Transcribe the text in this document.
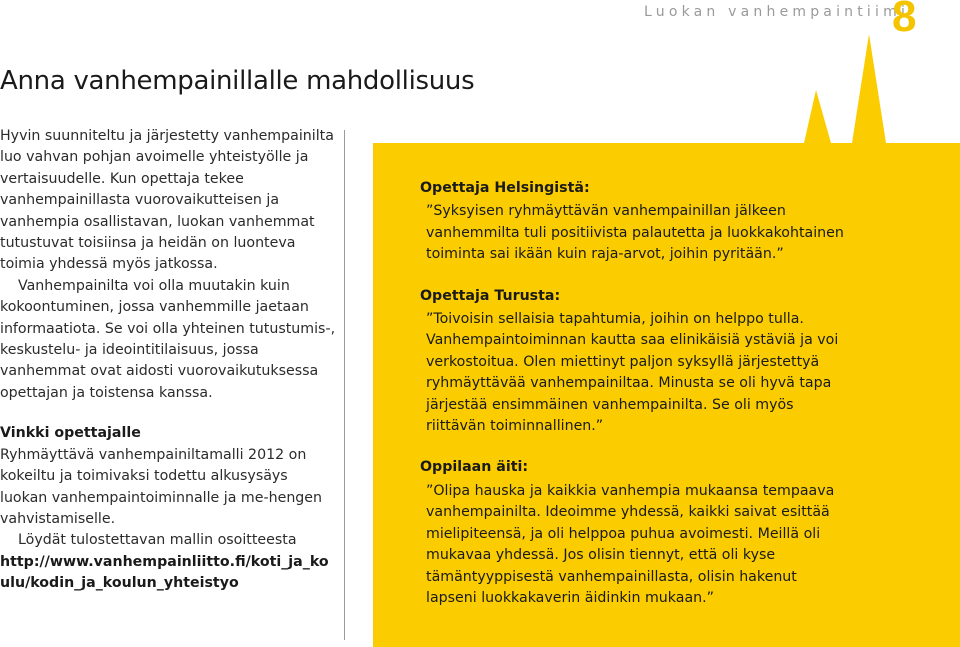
Luokan vanhempaintiimi
8
Anna vanhempainillalle mahdollisuus

Hyvin suunniteltu ja järjestetty vanhempainilta luo vahvan pohjan avoimelle yhteistyölle ja vertaisuudelle. Kun opettaja tekee vanhempainillasta vuorovaikutteisen ja vanhempia osallistavan, luokan vanhemmat tutustuvat toisiinsa ja heidän on luonteva toimia yhdessä myös jatkossa.

Vanhempainilta voi olla muutakin kuin kokoontuminen, jossa vanhemmille jaetaan informaatiota. Se voi olla yhteinen tutustumis-, keskustelu- ja ideointitilaisuus, jossa vanhemmat ovat aidosti vuorovaikutuksessa opettajan ja toistensa kanssa.

Vinkki opettajalle

Ryhmäyttävä vanhempainiltamalli 2012 on kokeiltu ja toimivaksi todettu alkusysäys luokan vanhempaintoiminnalle ja me-hengen vahvistamiselle.

Löydät tulostettavan mallin osoitteesta

http://www.vanhempainliitto.fi/koti_ja_koulu/kodin_ja_koulun_yhteistyo

Opettaja Helsingistä:

”Syksyisen ryhmäyttävän vanhempainillan jälkeen vanhemmilta tuli positiivista palautetta ja luokkakohtainen toiminta sai ikään kuin raja-arvot, joihin pyritään.”

Opettaja Turusta:

”Toivoisin sellaisia tapahtumia, joihin on helppo tulla. Vanhempaintoiminnan kautta saa elinikäisiä ystäviä ja voi verkostoitua. Olen miettinyt paljon syksyllä järjestettyä ryhmäyttävää vanhempainiltaa. Minusta se oli hyvä tapa järjestää ensimmäinen vanhempainilta. Se oli myös riittävän toiminnallinen.”

Oppilaan äiti:

”Olipa hauska ja kaikkia vanhempia mukaansa tempaava vanhempainilta. Ideoimme yhdessä, kaikki saivat esittää mielipiteensä, ja oli helppoa puhua avoimesti. Meillä oli mukavaa yhdessä. Jos olisin tiennyt, että oli kyse tämäntyyppisestä vanhempainillasta, olisin hakenut lapseni luokkakaverin äidinkin mukaan.”
